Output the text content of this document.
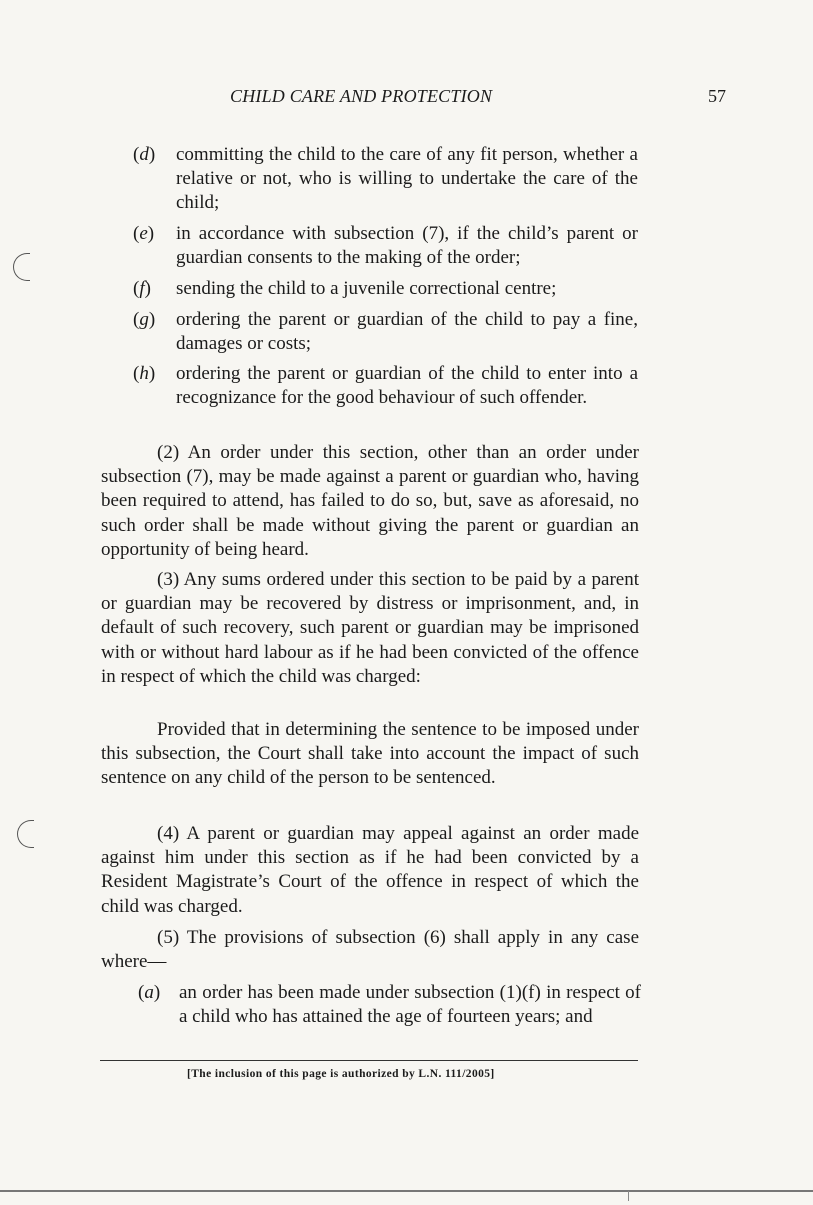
CHILD CARE AND PROTECTION	57
(d) committing the child to the care of any fit person, whether a relative or not, who is willing to undertake the care of the child;
(e) in accordance with subsection (7), if the child’s parent or guardian consents to the making of the order;
(f) sending the child to a juvenile correctional centre;
(g) ordering the parent or guardian of the child to pay a fine, damages or costs;
(h) ordering the parent or guardian of the child to enter into a recognizance for the good behaviour of such offender.
(2) An order under this section, other than an order under subsection (7), may be made against a parent or guardian who, having been required to attend, has failed to do so, but, save as aforesaid, no such order shall be made without giving the parent or guardian an opportunity of being heard.
(3) Any sums ordered under this section to be paid by a parent or guardian may be recovered by distress or imprisonment, and, in default of such recovery, such parent or guardian may be imprisoned with or without hard labour as if he had been convicted of the offence in respect of which the child was charged:
Provided that in determining the sentence to be imposed under this subsection, the Court shall take into account the impact of such sentence on any child of the person to be sentenced.
(4) A parent or guardian may appeal against an order made against him under this section as if he had been convicted by a Resident Magistrate’s Court of the offence in respect of which the child was charged.
(5) The provisions of subsection (6) shall apply in any case where—
(a) an order has been made under subsection (1)(f) in respect of a child who has attained the age of fourteen years; and
[The inclusion of this page is authorized by L.N. 111/2005]
